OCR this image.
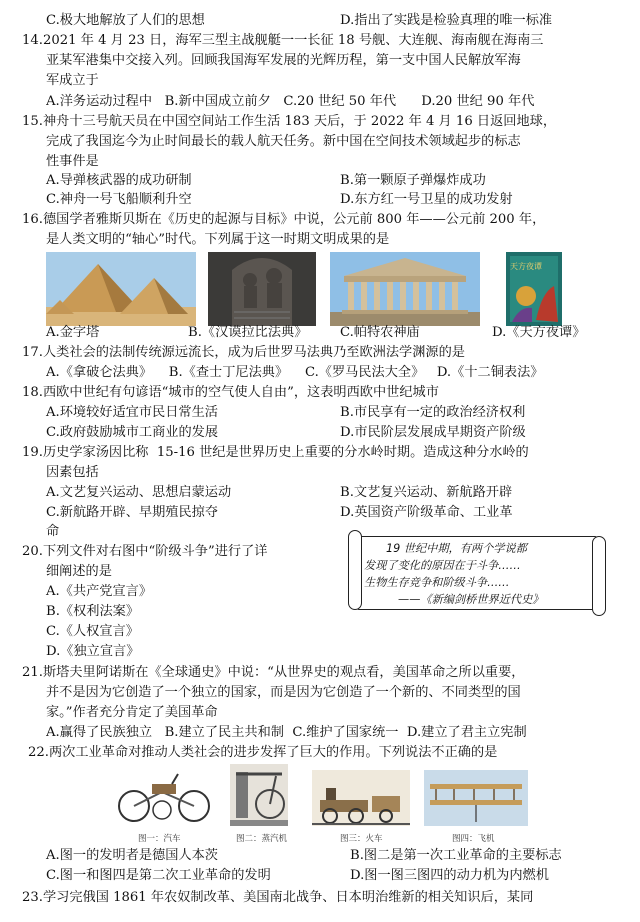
C.极大地解放了人们的思想	D.指出了实践是检验真理的唯一标准
14.2021 年 4 月 23 日，海军三型主战舰艇一一长征 18 号舰、大连舰、海南舰在海南三
亚某军港集中交接入列。回顾我国海军发展的光辉历程，第一支中国人民解放军海
军成立于
A.洋务运动过程中   B.新中国成立前夕   C.20 世纪 50 年代      D.20 世纪 90 年代
15.神舟十三号航天员在中国空间站工作生活 183 天后，于 2022 年 4 月 16 日返回地球，
完成了我国迄今为止时间最长的载人航天任务。新中国在空间技术领域起步的标志
性事件是
A.导弹核武器的成功研制	B.第一颗原子弹爆炸成功
C.神舟一号飞船顺利升空	D.东方红一号卫星的成功发射
16.德国学者雅斯贝斯在《历史的起源与目标》中说，公元前 800 年——公元前 200 年，
是人类文明的“轴心”时代。下列属于这一时期文明成果的是
天方夜谭
A.金字塔	B.《汉谟拉比法典》 C.帕特农神庙	D.《天方夜谭》
17.人类社会的法制传统源远流长，成为后世罗马法典乃至欧洲法学渊源的是
A.《拿破仑法典》    B.《查士丁尼法典》    C.《罗马民法大全》   D.《十二铜表法》
18.西欧中世纪有句谚语“城市的空气使人自由”，这表明西欧中世纪城市
A.环境较好适宜市民日常生活	B.市民享有一定的政治经济权利
C.政府鼓励城市工商业的发展	D.市民阶层发展成早期资产阶级
19.历史学家汤因比称  15-16 世纪是世界历史上重要的分水岭时期。造成这种分水岭的
因素包括
A.文艺复兴运动、思想启蒙运动	B.文艺复兴运动、新航路开辟
C.新航路开辟、早期殖民掠夺	D.英国资产阶级革命、工业革
命
20.下列文件对右图中“阶级斗争”进行了详
细阐述的是
A.《共产党宣言》
B.《权利法案》
C.《人权宣言》
D.《独立宣言》
19 世纪中期，有两个学说都
发现了变化的原因在于斗争……
生物生存竞争和阶级斗争……
——《新编剑桥世界近代史》
21.斯塔夫里阿诺斯在《全球通史》中说：“从世界史的观点看，美国革命之所以重要，
并不是因为它创造了一个独立的国家，而是因为它创造了一个新的、不同类型的国
家。”作者充分肯定了美国革命
A.赢得了民族独立   B.建立了民主共和制  C.维护了国家统一  D.建立了君主立宪制
22.两次工业革命对推动人类社会的进步发挥了巨大的作用。下列说法不正确的是
图一：汽车	图二：蒸汽机	图三：火车	图四：飞机
A.图一的发明者是德国人本茨	B.图二是第一次工业革命的主要标志
C.图一和图四是第二次工业革命的发明	D.图一图三图四的动力机为内燃机
23.学习完俄国 1861 年农奴制改革、美国南北战争、日本明治维新的相关知识后，某同
